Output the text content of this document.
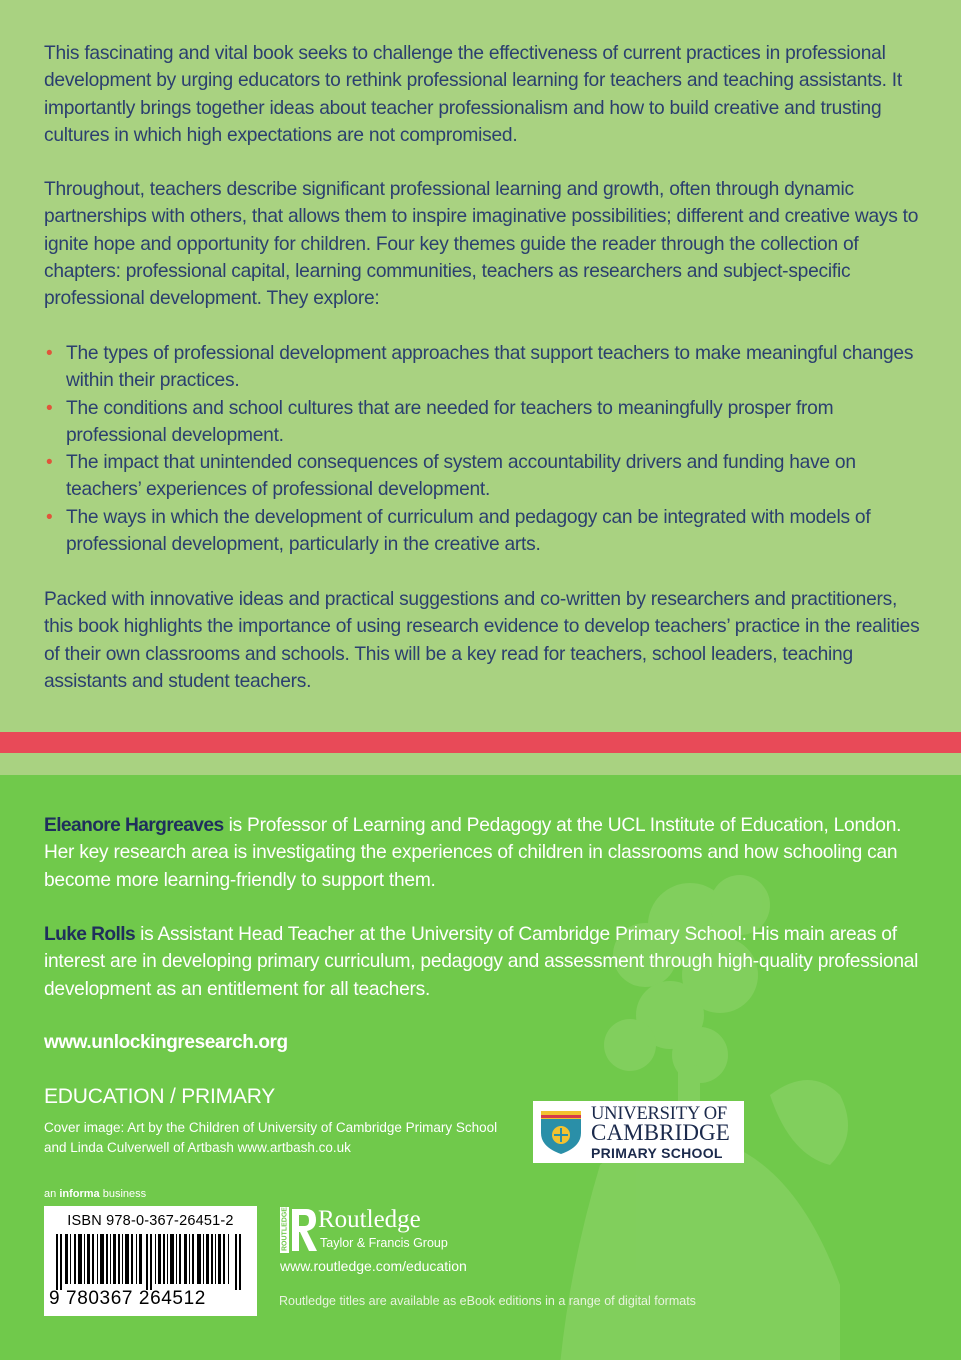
This fascinating and vital book seeks to challenge the effectiveness of current practices in professional development by urging educators to rethink professional learning for teachers and teaching assistants. It importantly brings together ideas about teacher professionalism and how to build creative and trusting cultures in which high expectations are not compromised.

Throughout, teachers describe significant professional learning and growth, often through dynamic partnerships with others, that allows them to inspire imaginative possibilities; different and creative ways to ignite hope and opportunity for children. Four key themes guide the reader through the collection of chapters: professional capital, learning communities, teachers as researchers and subject-specific professional development. They explore:

• The types of professional development approaches that support teachers to make meaningful changes within their practices.
• The conditions and school cultures that are needed for teachers to meaningfully prosper from professional development.
• The impact that unintended consequences of system accountability drivers and funding have on teachers’ experiences of professional development.
• The ways in which the development of curriculum and pedagogy can be integrated with models of professional development, particularly in the creative arts.

Packed with innovative ideas and practical suggestions and co-written by researchers and practitioners, this book highlights the importance of using research evidence to develop teachers’ practice in the realities of their own classrooms and schools. This will be a key read for teachers, school leaders, teaching assistants and student teachers.

Eleanore Hargreaves is Professor of Learning and Pedagogy at the UCL Institute of Education, London. Her key research area is investigating the experiences of children in classrooms and how schooling can become more learning-friendly to support them.

Luke Rolls is Assistant Head Teacher at the University of Cambridge Primary School. His main areas of interest are in developing primary curriculum, pedagogy and assessment through high-quality professional development as an entitlement for all teachers.

www.unlockingresearch.org
EDUCATION / PRIMARY

Cover image: Art by the Children of University of Cambridge Primary School and Linda Culverwell of Artbash www.artbash.co.uk

an informa business
ISBN 978-0-367-26451-2
9 780367 264512
ROUTLEDGE Routledge
Taylor & Francis Group
www.routledge.com/education
Routledge titles are available as eBook editions in a range of digital formats
UNIVERSITY OF
CAMBRIDGE
PRIMARY SCHOOL
